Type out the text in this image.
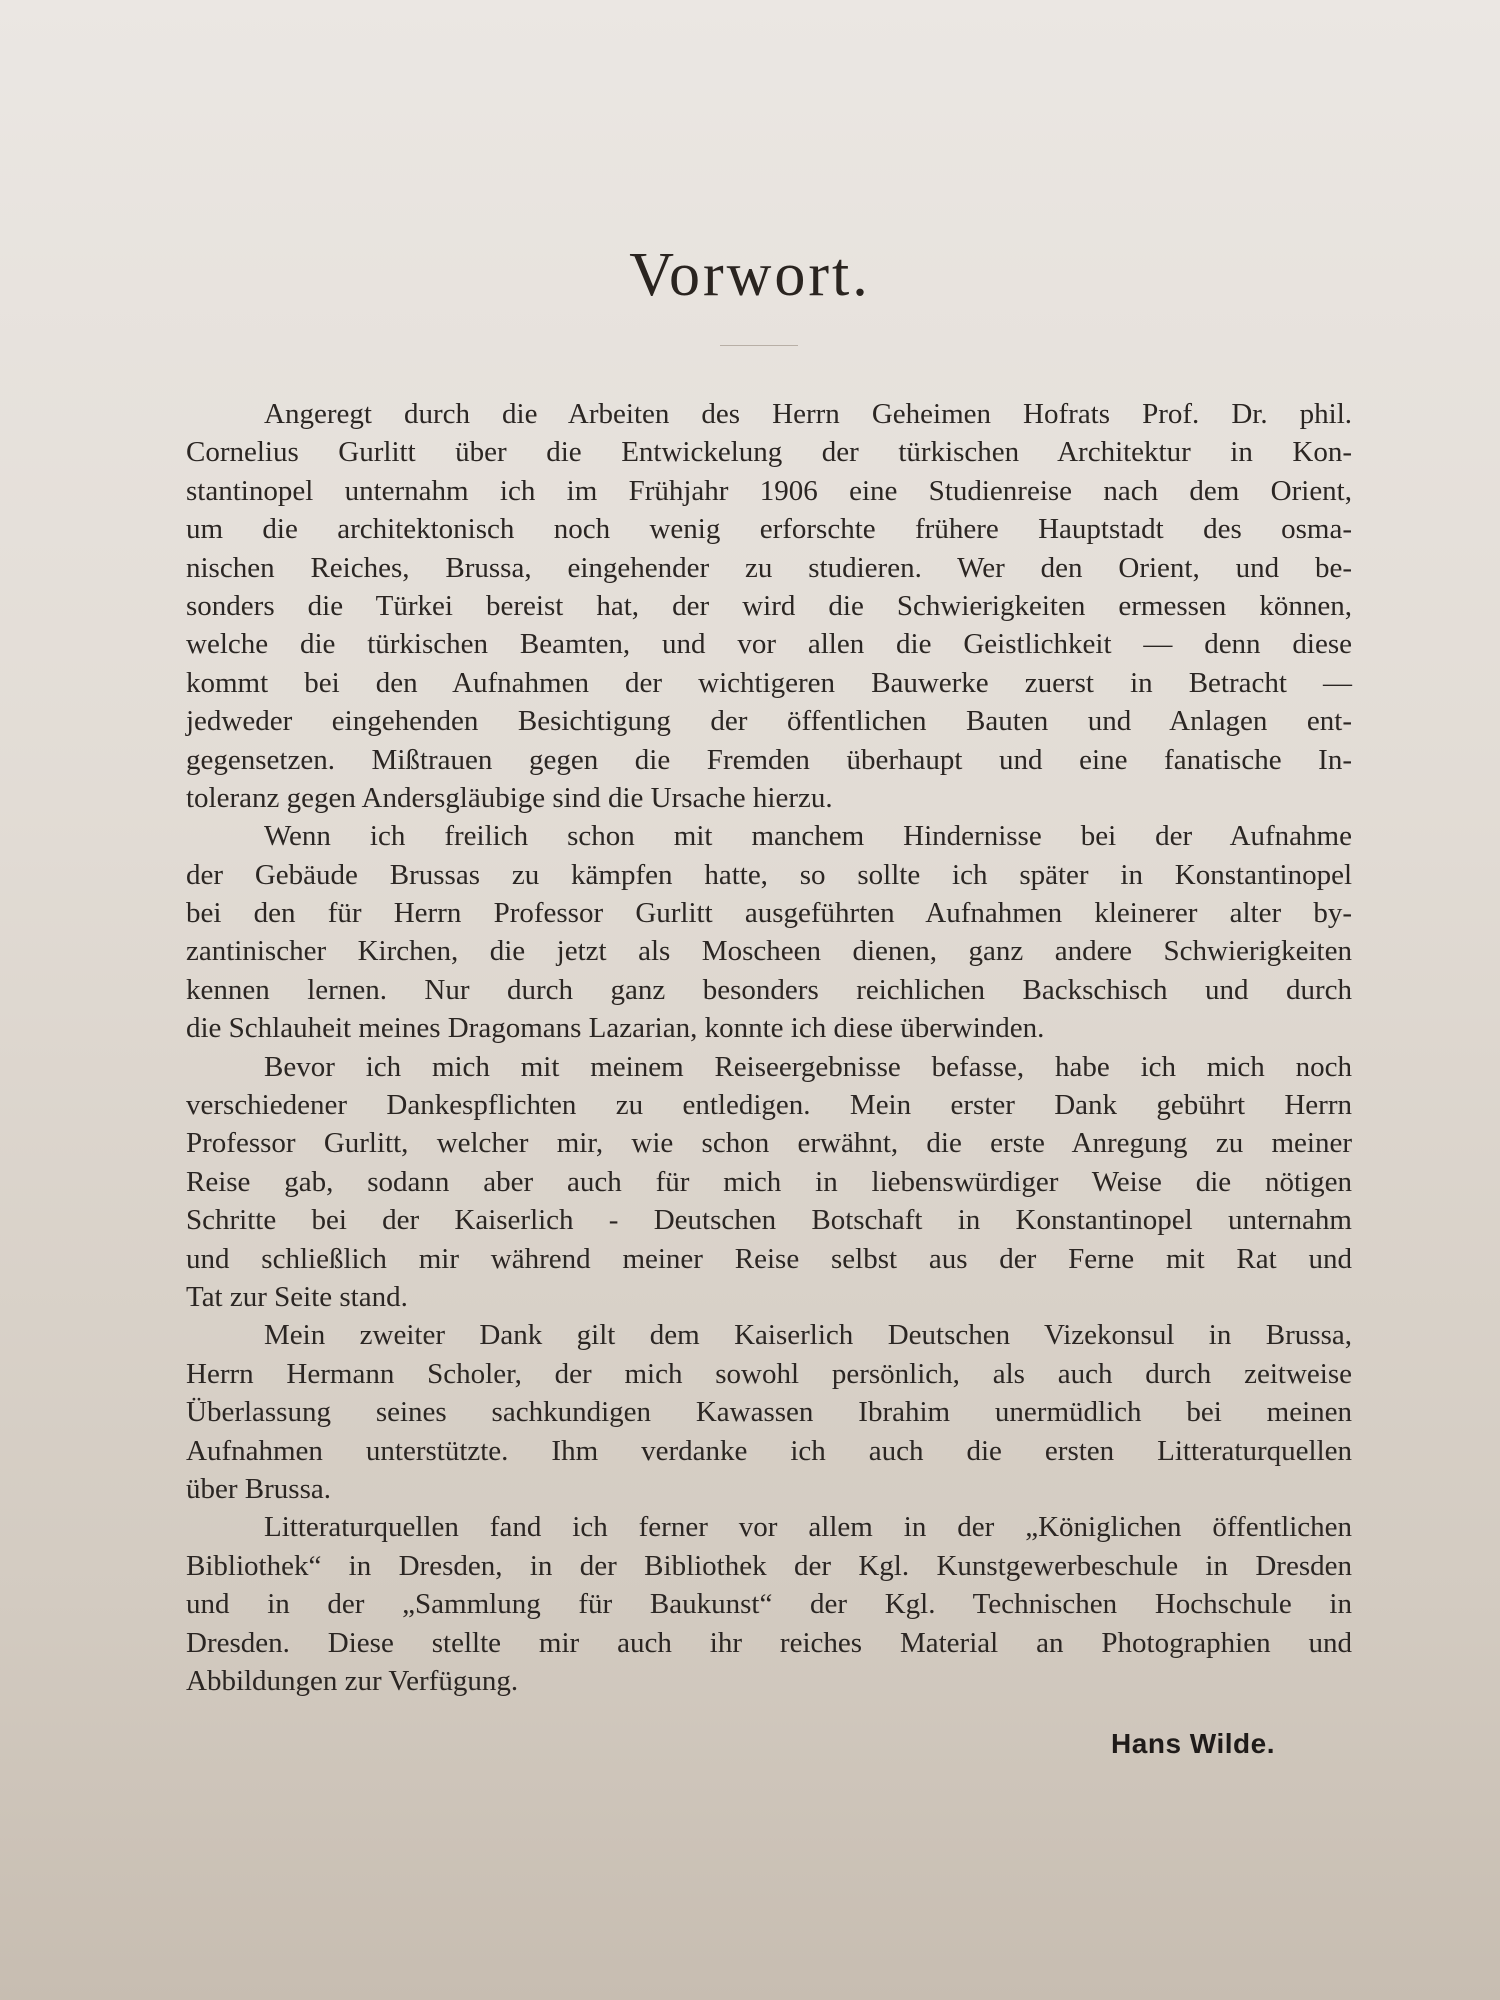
Vorwort.
Angeregt durch die Arbeiten des Herrn Geheimen Hofrats Prof. Dr. phil.
Cornelius Gurlitt über die Entwickelung der türkischen Architektur in Kon-
stantinopel unternahm ich im Frühjahr 1906 eine Studienreise nach dem Orient,
um die architektonisch noch wenig erforschte frühere Hauptstadt des osma-
nischen Reiches, Brussa, eingehender zu studieren. Wer den Orient, und be-
sonders die Türkei bereist hat, der wird die Schwierigkeiten ermessen können,
welche die türkischen Beamten, und vor allen die Geistlichkeit — denn diese
kommt bei den Aufnahmen der wichtigeren Bauwerke zuerst in Betracht —
jedweder eingehenden Besichtigung der öffentlichen Bauten und Anlagen ent-
gegensetzen. Mißtrauen gegen die Fremden überhaupt und eine fanatische In-
toleranz gegen Andersgläubige sind die Ursache hierzu.
Wenn ich freilich schon mit manchem Hindernisse bei der Aufnahme
der Gebäude Brussas zu kämpfen hatte, so sollte ich später in Konstantinopel
bei den für Herrn Professor Gurlitt ausgeführten Aufnahmen kleinerer alter by-
zantinischer Kirchen, die jetzt als Moscheen dienen, ganz andere Schwierigkeiten
kennen lernen. Nur durch ganz besonders reichlichen Backschisch und durch
die Schlauheit meines Dragomans Lazarian, konnte ich diese überwinden.
Bevor ich mich mit meinem Reiseergebnisse befasse, habe ich mich noch
verschiedener Dankespflichten zu entledigen. Mein erster Dank gebührt Herrn
Professor Gurlitt, welcher mir, wie schon erwähnt, die erste Anregung zu meiner
Reise gab, sodann aber auch für mich in liebenswürdiger Weise die nötigen
Schritte bei der Kaiserlich - Deutschen Botschaft in Konstantinopel unternahm
und schließlich mir während meiner Reise selbst aus der Ferne mit Rat und
Tat zur Seite stand.
Mein zweiter Dank gilt dem Kaiserlich Deutschen Vizekonsul in Brussa,
Herrn Hermann Scholer, der mich sowohl persönlich, als auch durch zeitweise
Überlassung seines sachkundigen Kawassen Ibrahim unermüdlich bei meinen
Aufnahmen unterstützte. Ihm verdanke ich auch die ersten Litteraturquellen
über Brussa.
Litteraturquellen fand ich ferner vor allem in der „Königlichen öffentlichen
Bibliothek“ in Dresden, in der Bibliothek der Kgl. Kunstgewerbeschule in Dresden
und in der „Sammlung für Baukunst“ der Kgl. Technischen Hochschule in
Dresden. Diese stellte mir auch ihr reiches Material an Photographien und
Abbildungen zur Verfügung.
Hans Wilde.
